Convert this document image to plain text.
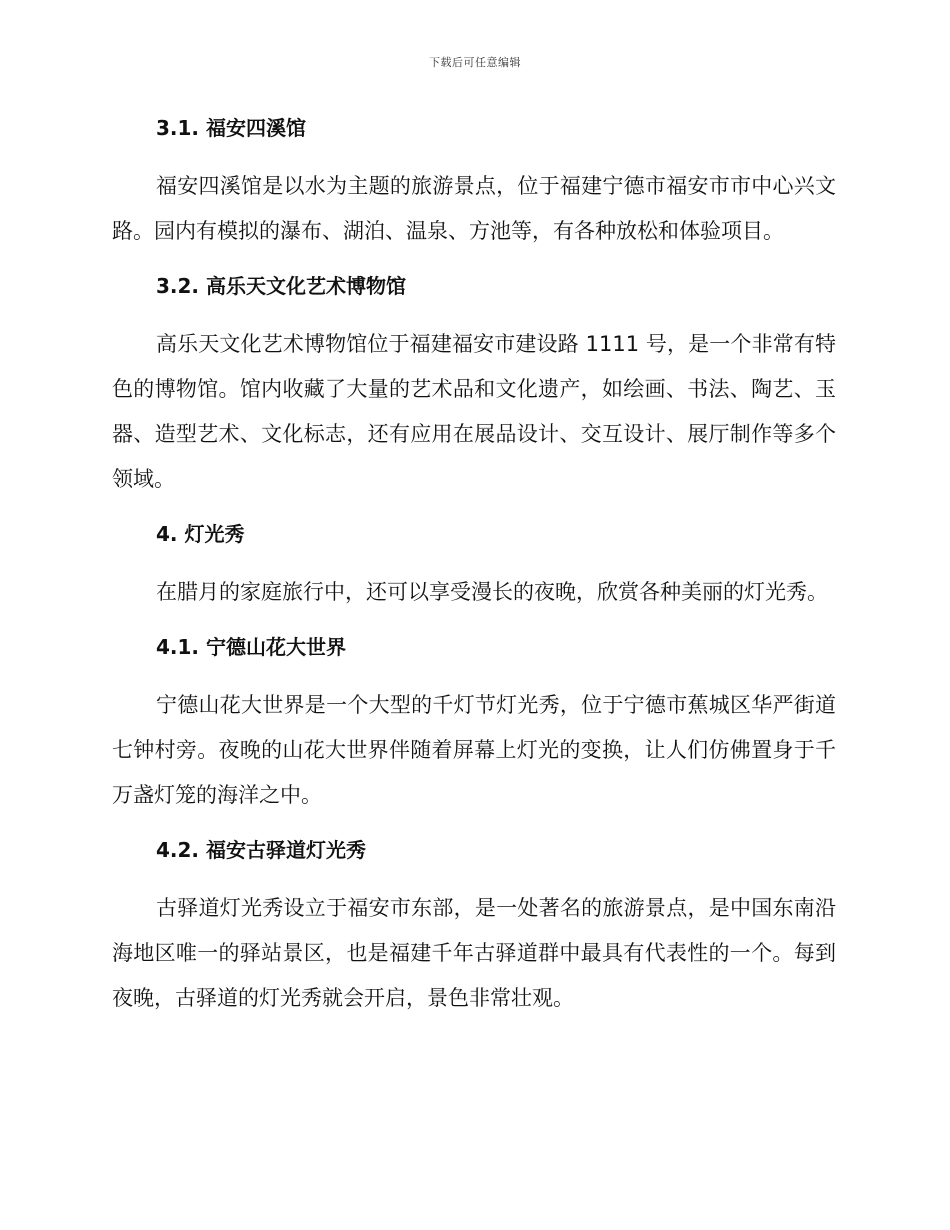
下载后可任意编辑
3.1. 福安四溪馆

福安四溪馆是以水为主题的旅游景点，位于福建宁德市福安市市中心兴文路。园内有模拟的瀑布、湖泊、温泉、方池等，有各种放松和体验项目。

3.2. 高乐天文化艺术博物馆

高乐天文化艺术博物馆位于福建福安市建设路 1111 号，是一个非常有特色的博物馆。馆内收藏了大量的艺术品和文化遗产，如绘画、书法、陶艺、玉器、造型艺术、文化标志，还有应用在展品设计、交互设计、展厅制作等多个领域。

4. 灯光秀

在腊月的家庭旅行中，还可以享受漫长的夜晚，欣赏各种美丽的灯光秀。

4.1. 宁德山花大世界

宁德山花大世界是一个大型的千灯节灯光秀，位于宁德市蕉城区华严街道七钟村旁。夜晚的山花大世界伴随着屏幕上灯光的变换，让人们仿佛置身于千万盏灯笼的海洋之中。

4.2. 福安古驿道灯光秀

古驿道灯光秀设立于福安市东部，是一处著名的旅游景点，是中国东南沿海地区唯一的驿站景区，也是福建千年古驿道群中最具有代表性的一个。每到夜晚，古驿道的灯光秀就会开启，景色非常壮观。
